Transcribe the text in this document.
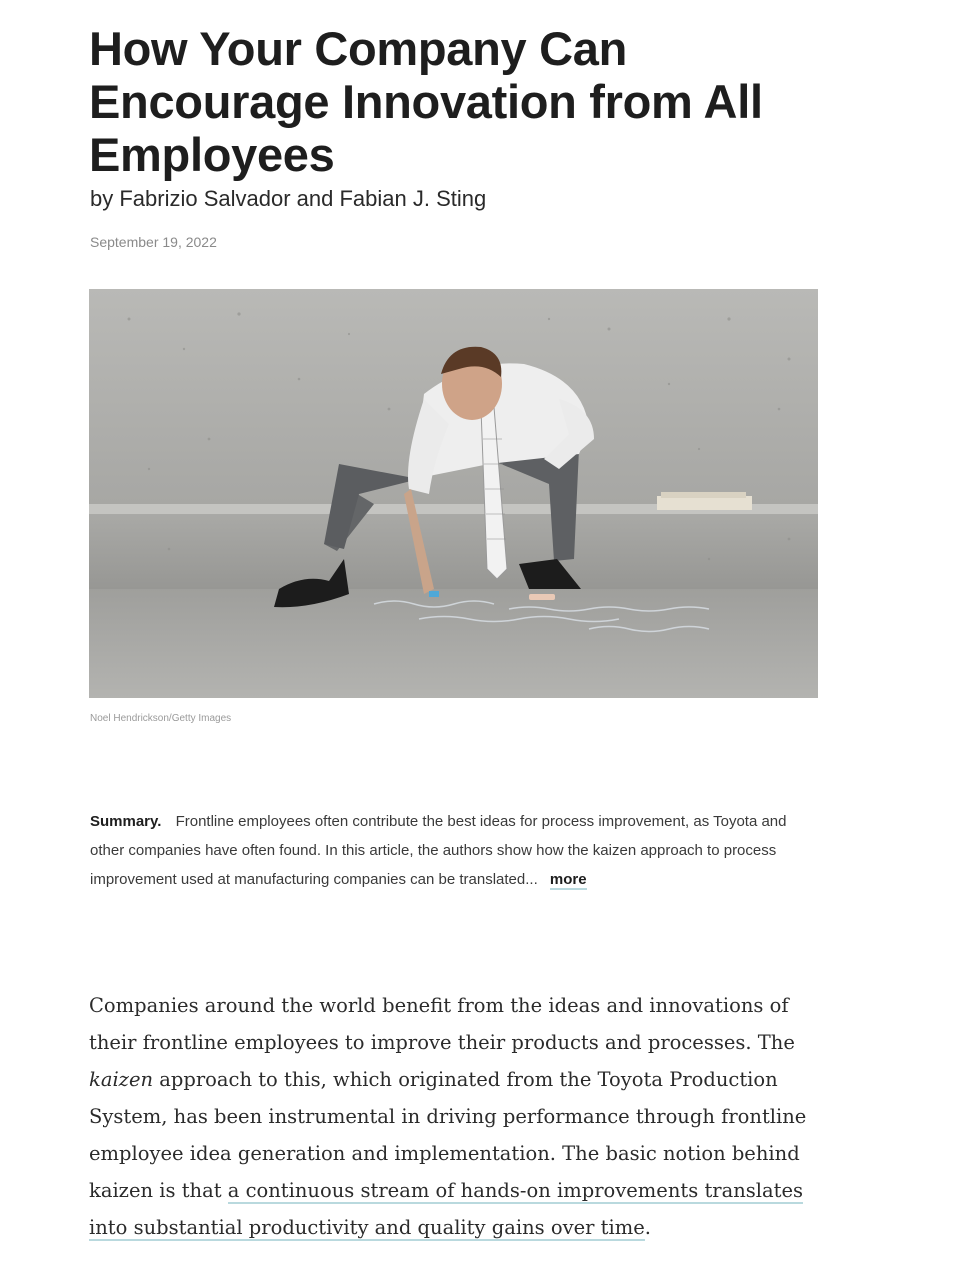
How Your Company Can Encourage Innovation from All Employees
by Fabrizio Salvador and Fabian J. Sting
September 19, 2022
Noel Hendrickson/Getty Images
Summary. Frontline employees often contribute the best ideas for process improvement, as Toyota and other companies have often found. In this article, the authors show how the kaizen approach to process improvement used at manufacturing companies can be translated... more

Companies around the world benefit from the ideas and innovations of their frontline employees to improve their products and processes. The kaizen approach to this, which originated from the Toyota Production System, has been instrumental in driving performance through frontline employee idea generation and implementation. The basic notion behind kaizen is that a continuous stream of hands-on improvements translates into substantial productivity and quality gains over time.
